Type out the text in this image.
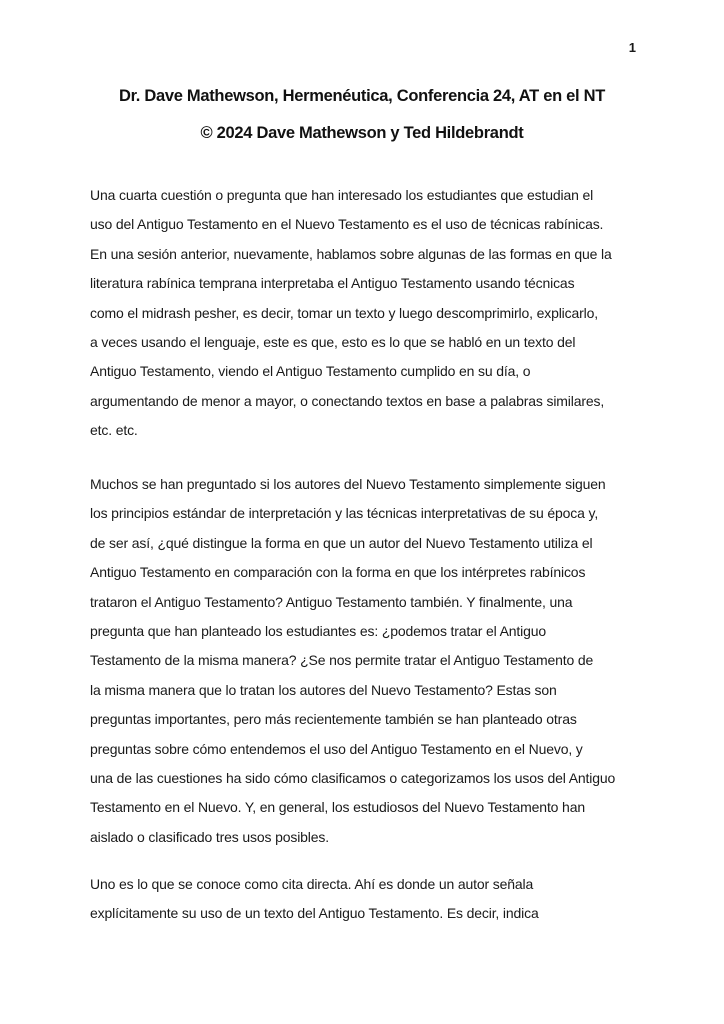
1
Dr. Dave Mathewson, Hermenéutica, Conferencia 24, AT en el NT
© 2024 Dave Mathewson y Ted Hildebrandt
Una cuarta cuestión o pregunta que han interesado los estudiantes que estudian el
uso del Antiguo Testamento en el Nuevo Testamento es el uso de técnicas rabínicas.
En una sesión anterior, nuevamente, hablamos sobre algunas de las formas en que la
literatura rabínica temprana interpretaba el Antiguo Testamento usando técnicas
como el midrash pesher, es decir, tomar un texto y luego descomprimirlo, explicarlo,
a veces usando el lenguaje, este es que, esto es lo que se habló en un texto del
Antiguo Testamento, viendo el Antiguo Testamento cumplido en su día, o
argumentando de menor a mayor, o conectando textos en base a palabras similares,
etc. etc.
Muchos se han preguntado si los autores del Nuevo Testamento simplemente siguen
los principios estándar de interpretación y las técnicas interpretativas de su época y,
de ser así, ¿qué distingue la forma en que un autor del Nuevo Testamento utiliza el
Antiguo Testamento en comparación con la forma en que los intérpretes rabínicos
trataron el Antiguo Testamento? Antiguo Testamento también. Y finalmente, una
pregunta que han planteado los estudiantes es: ¿podemos tratar el Antiguo
Testamento de la misma manera? ¿Se nos permite tratar el Antiguo Testamento de
la misma manera que lo tratan los autores del Nuevo Testamento? Estas son
preguntas importantes, pero más recientemente también se han planteado otras
preguntas sobre cómo entendemos el uso del Antiguo Testamento en el Nuevo, y
una de las cuestiones ha sido cómo clasificamos o categorizamos los usos del Antiguo
Testamento en el Nuevo. Y, en general, los estudiosos del Nuevo Testamento han
aislado o clasificado tres usos posibles.
Uno es lo que se conoce como cita directa. Ahí es donde un autor señala
explícitamente su uso de un texto del Antiguo Testamento. Es decir, indica
